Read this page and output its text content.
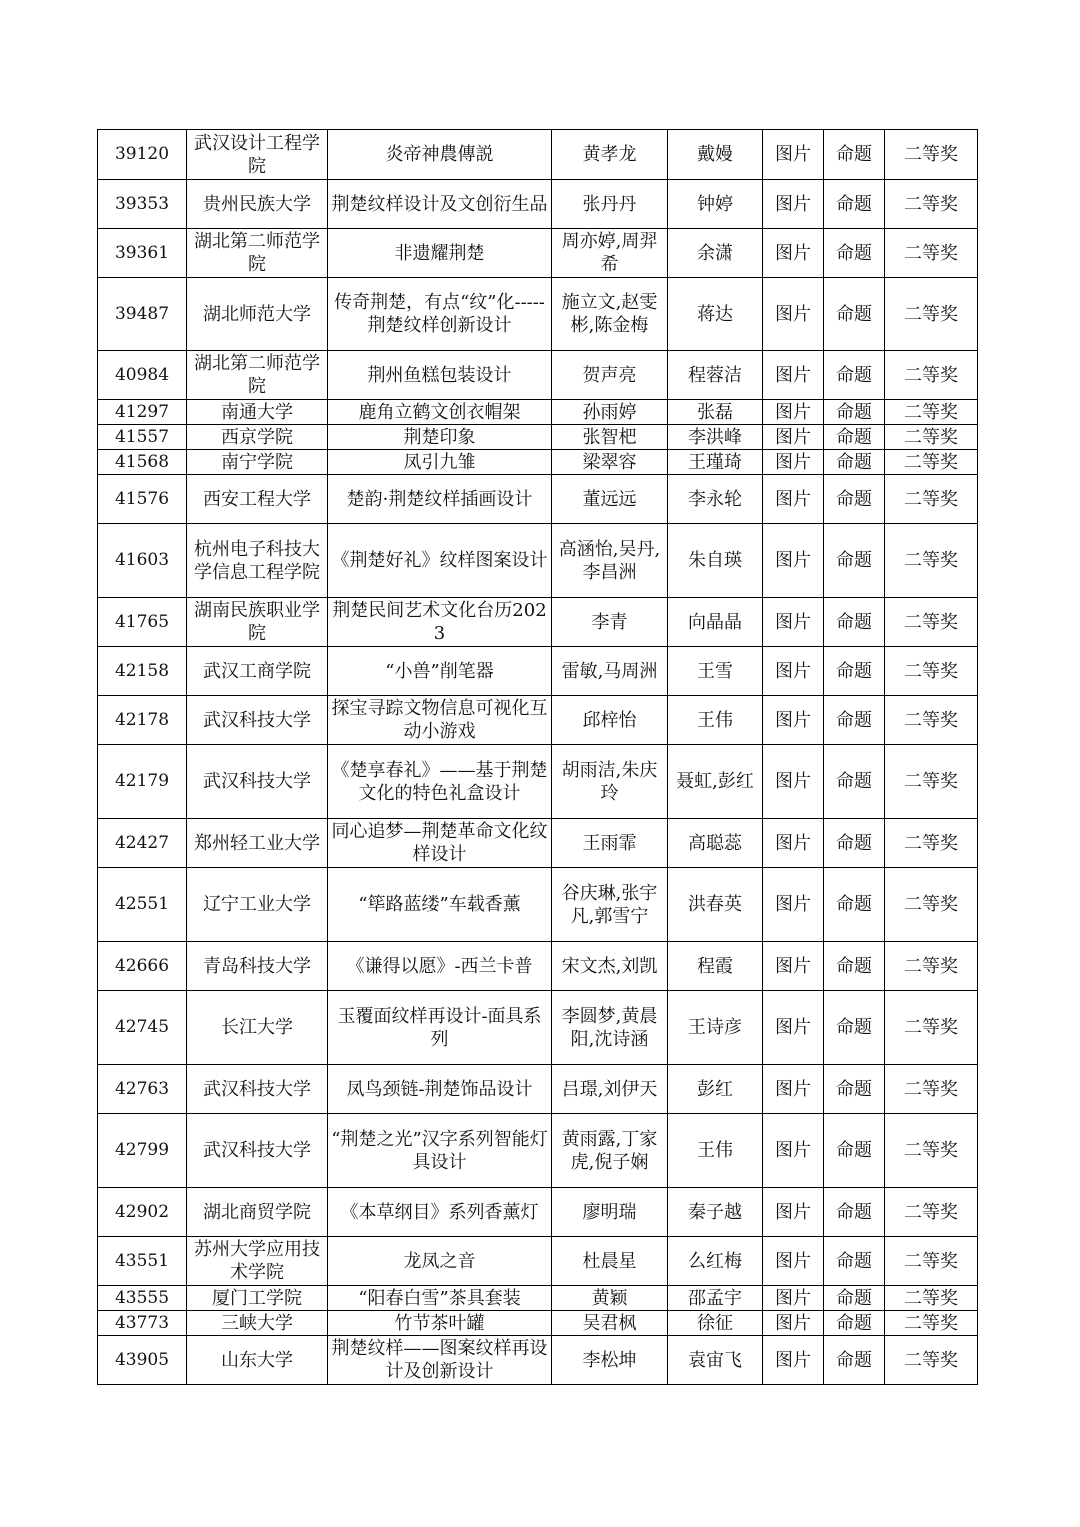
39120	武汉设计工程学院	炎帝神農傳説	黄孝龙	戴嫚	图片	命题	二等奖
39353	贵州民族大学	荆楚纹样设计及文创衍生品	张丹丹	钟婷	图片	命题	二等奖
39361	湖北第二师范学院	非遗耀荆楚	周亦婷,周羿希	余潇	图片	命题	二等奖
39487	湖北师范大学	传奇荆楚，有点“纹”化-----荆楚纹样创新设计	施立文,赵雯彬,陈金梅	蒋达	图片	命题	二等奖
40984	湖北第二师范学院	荆州鱼糕包装设计	贺声亮	程蓉洁	图片	命题	二等奖
41297	南通大学	鹿角立鹤文创衣帽架	孙雨婷	张磊	图片	命题	二等奖
41557	西京学院	荆楚印象	张智杷	李洪峰	图片	命题	二等奖
41568	南宁学院	凤引九雏	梁翠容	王瑾琦	图片	命题	二等奖
41576	西安工程大学	楚韵·荆楚纹样插画设计	董远远	李永轮	图片	命题	二等奖
41603	杭州电子科技大学信息工程学院	《荆楚好礼》纹样图案设计	高涵怡,吴丹,李昌洲	朱自瑛	图片	命题	二等奖
41765	湖南民族职业学院	荆楚民间艺术文化台历2023	李青	向晶晶	图片	命题	二等奖
42158	武汉工商学院	“小兽”削笔器	雷敏,马周洲	王雪	图片	命题	二等奖
42178	武汉科技大学	探宝寻踪文物信息可视化互动小游戏	邱梓怡	王伟	图片	命题	二等奖
42179	武汉科技大学	《楚享春礼》——基于荆楚文化的特色礼盒设计	胡雨洁,朱庆玲	聂虹,彭红	图片	命题	二等奖
42427	郑州轻工业大学	同心追梦—荆楚革命文化纹样设计	王雨霏	高聪蕊	图片	命题	二等奖
42551	辽宁工业大学	“筚路蓝缕”车载香薰	谷庆琳,张宇凡,郭雪宁	洪春英	图片	命题	二等奖
42666	青岛科技大学	《谦得以愿》-西兰卡普	宋文杰,刘凯	程霞	图片	命题	二等奖
42745	长江大学	玉覆面纹样再设计-面具系列	李圆梦,黄晨阳,沈诗涵	王诗彦	图片	命题	二等奖
42763	武汉科技大学	凤鸟颈链-荆楚饰品设计	吕璟,刘伊天	彭红	图片	命题	二等奖
42799	武汉科技大学	“荆楚之光”汉字系列智能灯具设计	黄雨露,丁家虎,倪子娴	王伟	图片	命题	二等奖
42902	湖北商贸学院	《本草纲目》系列香薰灯	廖明瑞	秦子越	图片	命题	二等奖
43551	苏州大学应用技术学院	龙凤之音	杜晨星	么红梅	图片	命题	二等奖
43555	厦门工学院	“阳春白雪”茶具套装	黄颖	邵孟宇	图片	命题	二等奖
43773	三峡大学	竹节茶叶罐	吴君枫	徐征	图片	命题	二等奖
43905	山东大学	荆楚纹样——图案纹样再设计及创新设计	李松坤	袁宙飞	图片	命题	二等奖
